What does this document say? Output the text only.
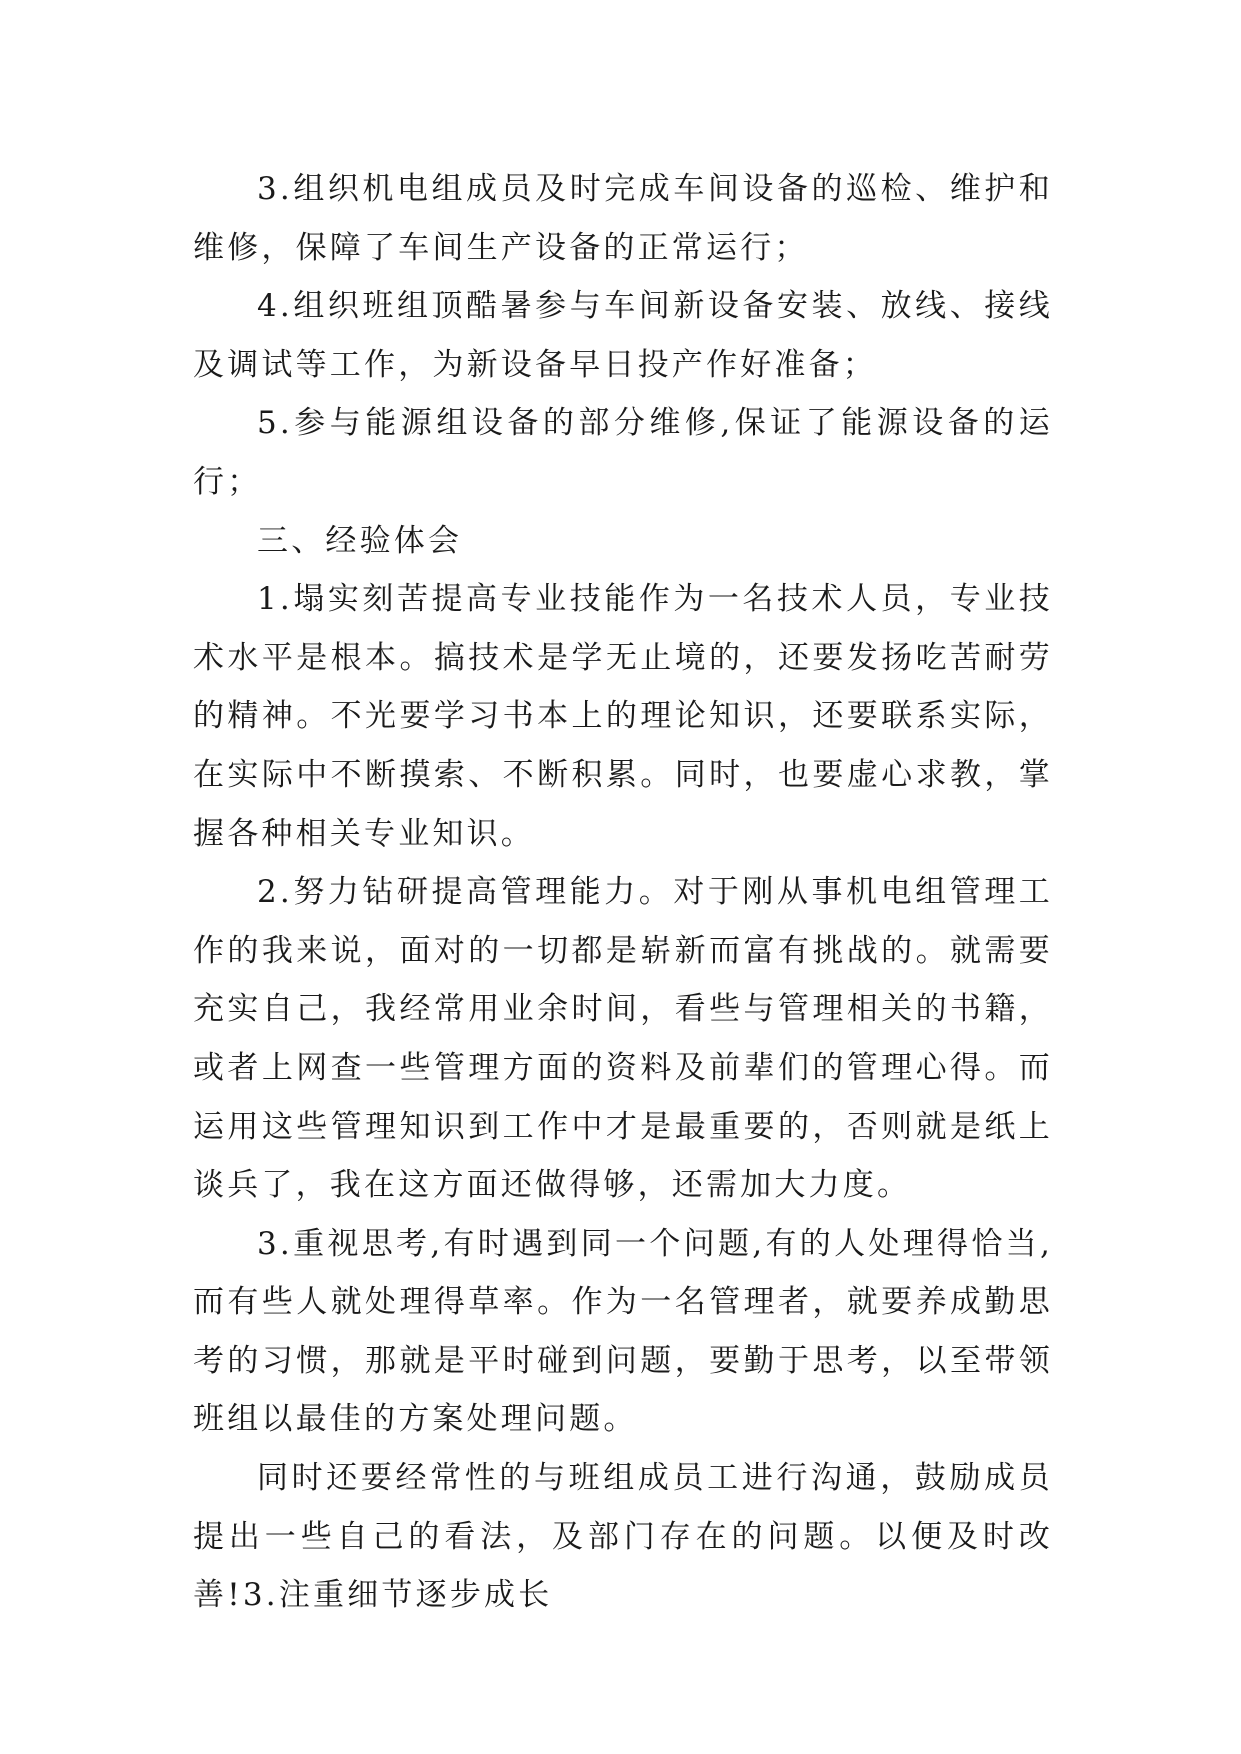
3.组织机电组成员及时完成车间设备的巡检、维护和维修，保障了车间生产设备的正常运行；

4.组织班组顶酷暑参与车间新设备安装、放线、接线及调试等工作，为新设备早日投产作好准备；

5.参与能源组设备的部分维修,保证了能源设备的运行；

三、经验体会

1.塌实刻苦提高专业技能作为一名技术人员，专业技术水平是根本。搞技术是学无止境的，还要发扬吃苦耐劳的精神。不光要学习书本上的理论知识，还要联系实际，在实际中不断摸索、不断积累。同时，也要虚心求教，掌握各种相关专业知识。

2.努力钻研提高管理能力。对于刚从事机电组管理工作的我来说，面对的一切都是崭新而富有挑战的。就需要充实自己，我经常用业余时间，看些与管理相关的书籍，或者上网查一些管理方面的资料及前辈们的管理心得。而运用这些管理知识到工作中才是最重要的，否则就是纸上谈兵了，我在这方面还做得够，还需加大力度。

3.重视思考,有时遇到同一个问题,有的人处理得恰当,而有些人就处理得草率。作为一名管理者，就要养成勤思考的习惯，那就是平时碰到问题，要勤于思考，以至带领班组以最佳的方案处理问题。

同时还要经常性的与班组成员工进行沟通，鼓励成员提出一些自己的看法，及部门存在的问题。以便及时改善!3.注重细节逐步成长
